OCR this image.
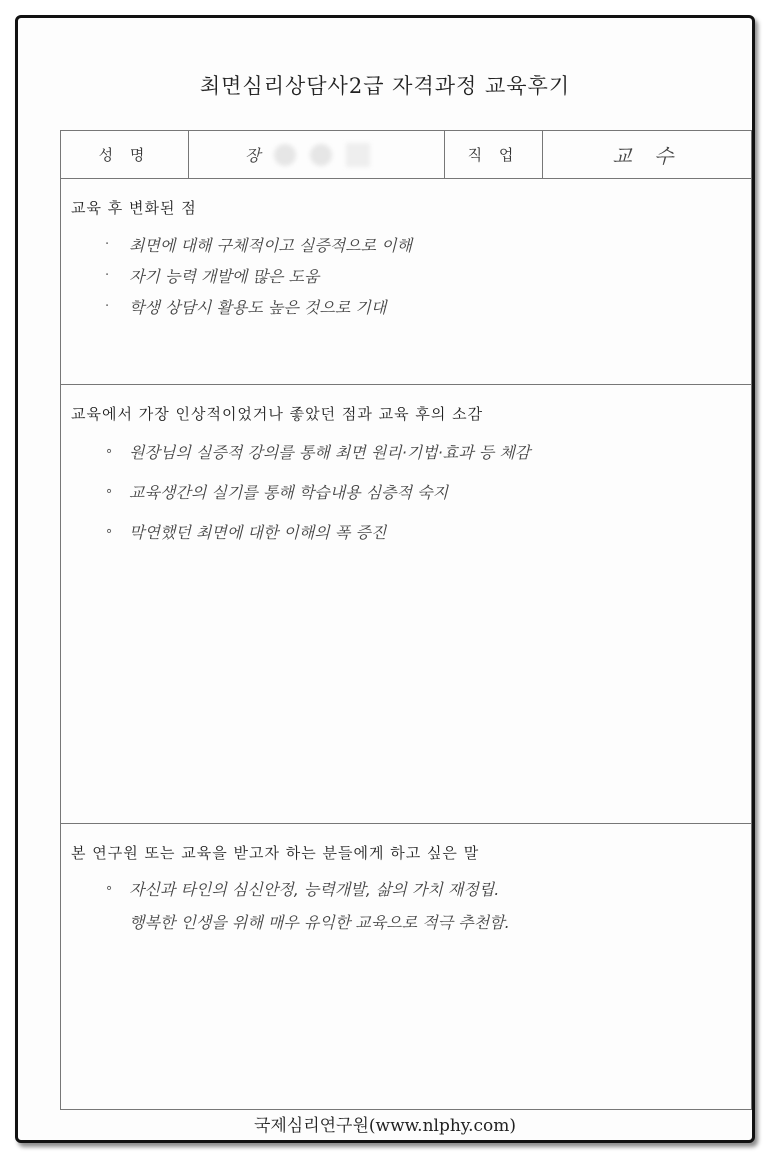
최면심리상담사2급 자격과정 교육후기
성 명	장	직 업	교 수
교육 후 변화된 점
·	최면에 대해 구체적이고 실증적으로 이해
·	자기 능력 개발에 많은 도움
·	학생 상담시 활용도 높은 것으로 기대
교육에서 가장 인상적이었거나 좋았던 점과 교육 후의 소감
∘ 원장님의 실증적 강의를 통해 최면 원리·기법·효과 등 체감
∘ 교육생간의 실기를 통해 학습내용 심층적 숙지
∘ 막연했던 최면에 대한 이해의 폭 증진
본 연구원 또는 교육을 받고자 하는 분들에게 하고 싶은 말
∘ 자신과 타인의 심신안정, 능력개발, 삶의 가치 재정립.
행복한 인생을 위해 매우 유익한 교육으로 적극 추천함.
국제심리연구원(www.nlphy.com)
